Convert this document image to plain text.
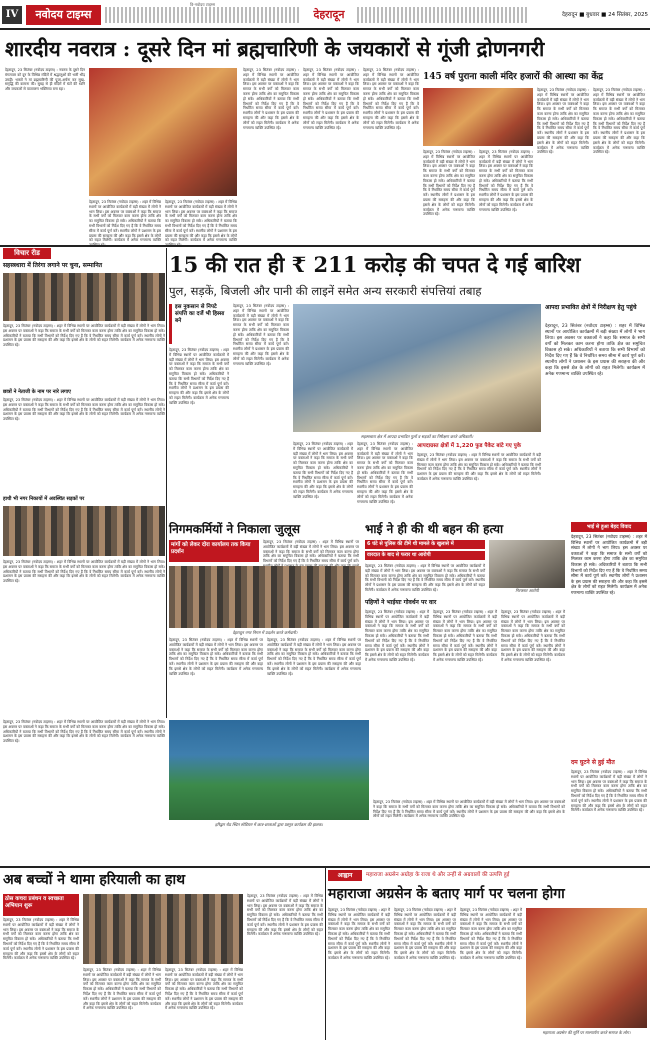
IV	नवोदय टाइम्स
वि-नवोदय टाइम्स
देहरादून	देहरादून ■ बुधवार ■ 24 सितंबर, 2025
शारदीय नवरात्र : दूसरे दिन मां ब्रह्मचारिणी के जयकारों से गूंजी द्रोणनगरी
देहरादून, 23 सितंबर (नवोदय टाइम्स) : नवरात्र के दूसरे दिन मंगलवार को दून के विभिन्न मंदिरों में श्रद्धालुओं की भारी भीड़ उमड़ी। भक्तों ने मां ब्रह्मचारिणी की पूजा-अर्चना कर सुख-समृद्धि की कामना की। सुबह से ही मंदिरों में घंटों की ध्वनि और जयकारों से वातावरण भक्तिमय बना रहा।
देहरादून, 23 सितंबर (नवोदय टाइम्स) : शहर में विभिन्न स्थानों पर आयोजित कार्यक्रमों में बड़ी संख्या में लोगों ने भाग लिया। इस अवसर पर वक्ताओं ने कहा कि समाज के सभी वर्गों को मिलकर काम करना होगा ताकि क्षेत्र का समुचित विकास हो सके। अधिकारियों ने बताया कि सभी विभागों को निर्देश दिए गए हैं कि वे निर्धारित समय सीमा में कार्य पूर्ण करें। स्थानीय लोगों ने प्रशासन के इस प्रयास की सराहना की और कहा कि इससे क्षेत्र के लोगों को राहत मिलेगी। कार्यक्रम में अनेक गणमान्य व्यक्ति
देहरादून, 23 सितंबर (नवोदय टाइम्स) : शहर में विभिन्न स्थानों पर आयोजित कार्यक्रमों में बड़ी संख्या में लोगों ने भाग लिया। इस अवसर पर वक्ताओं ने कहा कि समाज के सभी वर्गों को मिलकर काम करना होगा ताकि क्षेत्र का समुचित विकास हो सके। अधिकारियों ने बताया कि सभी विभागों को निर्देश दिए गए हैं कि वे निर्धारित समय सीमा में कार्य पूर्ण करें। स्थानीय लोगों ने प्रशासन के इस प्रयास की सराहना की और कहा कि इससे क्षेत्र के लोगों को राहत मिलेगी। कार्यक्रम में अनेक गणमान्य व्यक्ति
देहरादून, 23 सितंबर (नवोदय टाइम्स) : शहर में विभिन्न स्थानों पर आयोजित कार्यक्रमों में बड़ी संख्या में लोगों ने भाग लिया। इस अवसर पर वक्ताओं ने कहा कि समाज के सभी वर्गों को मिलकर काम करना होगा ताकि क्षेत्र का समुचित विकास हो सके। अधिकारियों ने बताया कि सभी विभागों को निर्देश दिए गए हैं कि वे निर्धारित समय सीमा में कार्य पूर्ण करें। स्थानीय लोगों ने प्रशासन के इस प्रयास की सराहना की और कहा कि इससे क्षेत्र के लोगों को राहत मिलेगी। कार्यक्रम में अनेक गणमान्य व्यक्ति उपस्थित रहे।
देहरादून, 23 सितंबर (नवोदय टाइम्स) : शहर में विभिन्न स्थानों पर आयोजित कार्यक्रमों में बड़ी संख्या में लोगों ने भाग लिया। इस अवसर पर वक्ताओं ने कहा कि समाज के सभी वर्गों को मिलकर काम करना होगा ताकि क्षेत्र का समुचित विकास हो सके। अधिकारियों ने बताया कि सभी विभागों को निर्देश दिए गए हैं कि वे निर्धारित समय सीमा में कार्य पूर्ण करें। स्थानीय लोगों ने प्रशासन के इस प्रयास की सराहना की और कहा कि इससे क्षेत्र के लोगों को राहत मिलेगी। कार्यक्रम में अनेक गणमान्य व्यक्ति उपस्थित रहे।
देहरादून, 23 सितंबर (नवोदय टाइम्स) : शहर में विभिन्न स्थानों पर आयोजित कार्यक्रमों में बड़ी संख्या में लोगों ने भाग लिया। इस अवसर पर वक्ताओं ने कहा कि समाज के सभी वर्गों को मिलकर काम करना होगा ताकि क्षेत्र का समुचित विकास हो सके। अधिकारियों ने बताया कि सभी विभागों को निर्देश दिए गए हैं कि वे निर्धारित समय सीमा में कार्य पूर्ण करें। स्थानीय लोगों ने प्रशासन के इस प्रयास की सराहना की और कहा कि इससे क्षेत्र के लोगों को राहत मिलेगी। कार्यक्रम में अनेक गणमान्य व्यक्ति उपस्थित रहे।
145 वर्ष पुराना काली मंदिर हजारों की आस्था का केंद्र
देहरादून, 23 सितंबर (नवोदय टाइम्स) : शहर में विभिन्न स्थानों पर आयोजित कार्यक्रमों में बड़ी संख्या में लोगों ने भाग लिया। इस अवसर पर वक्ताओं ने कहा कि समाज के सभी वर्गों को मिलकर काम करना होगा ताकि क्षेत्र का समुचित विकास हो सके। अधिकारियों ने बताया कि सभी विभागों को निर्देश दिए गए हैं कि वे निर्धारित समय सीमा में कार्य पूर्ण करें। स्थानीय लोगों ने प्रशासन के इस प्रयास की सराहना की और कहा कि इससे क्षेत्र के लोगों को राहत मिलेगी। कार्यक्रम में अनेक गणमान्य व्यक्ति उपस्थित रहे।
देहरादून, 23 सितंबर (नवोदय टाइम्स) : शहर में विभिन्न स्थानों पर आयोजित कार्यक्रमों में बड़ी संख्या में लोगों ने भाग लिया। इस अवसर पर वक्ताओं ने कहा कि समाज के सभी वर्गों को मिलकर काम करना होगा ताकि क्षेत्र का समुचित विकास हो सके। अधिकारियों ने बताया कि सभी विभागों को निर्देश दिए गए हैं कि वे निर्धारित समय सीमा में कार्य पूर्ण करें। स्थानीय लोगों ने प्रशासन के इस प्रयास की सराहना की और कहा कि इससे क्षेत्र के लोगों को राहत मिलेगी। कार्यक्रम में अनेक गणमान्य व्यक्ति उपस्थित रहे।
देहरादून, 23 सितंबर (नवोदय टाइम्स) : शहर में विभिन्न स्थानों पर आयोजित कार्यक्रमों में बड़ी संख्या में लोगों ने भाग लिया। इस अवसर पर वक्ताओं ने कहा कि समाज के सभी वर्गों को मिलकर काम करना होगा ताकि क्षेत्र का समुचित विकास हो सके। अधिकारियों ने बताया कि सभी विभागों को निर्देश दिए गए हैं कि वे निर्धारित समय सीमा में कार्य पूर्ण करें। स्थानीय लोगों ने प्रशासन के इस प्रयास की सराहना की और कहा कि इससे क्षेत्र के लोगों को राहत मिलेगी। कार्यक्रम में अनेक गणमान्य व्यक्ति उपस्थित रहे।
देहरादून, 23 सितंबर (नवोदय टाइम्स) : शहर में विभिन्न स्थानों पर आयोजित कार्यक्रमों में बड़ी संख्या में लोगों ने भाग लिया। इस अवसर पर वक्ताओं ने कहा कि समाज के सभी वर्गों को मिलकर काम करना होगा ताकि क्षेत्र का समुचित विकास हो सके। अधिकारियों ने बताया कि सभी विभागों को निर्देश दिए गए हैं कि वे निर्धारित समय सीमा में कार्य पूर्ण करें। स्थानीय लोगों ने प्रशासन के इस प्रयास की सराहना की और कहा कि इससे क्षेत्र के लोगों को राहत मिलेगी। कार्यक्रम में अनेक गणमान्य व्यक्ति उपस्थित रहे।
विचार रीड
सहस्त्रधारा में तिरंगा लगाने पर चुना, सम्मानित
देहरादून, 23 सितंबर (नवोदय टाइम्स) : शहर में विभिन्न स्थानों पर आयोजित कार्यक्रमों में बड़ी संख्या में लोगों ने भाग लिया। इस अवसर पर वक्ताओं ने कहा कि समाज के सभी वर्गों को मिलकर काम करना होगा ताकि क्षेत्र का समुचित विकास हो सके। अधिकारियों ने बताया कि सभी विभागों को निर्देश दिए गए हैं कि वे निर्धारित समय सीमा में कार्य पूर्ण करें। स्थानीय लोगों ने प्रशासन के इस प्रयास की सराहना की और कहा कि इससे क्षेत्र के लोगों को राहत मिलेगी। कार्यक्रम में अनेक गणमान्य व्यक्ति उपस्थित रहे।
छात्रों ने नेताजी के नाम पर नारे लगाए
देहरादून, 23 सितंबर (नवोदय टाइम्स) : शहर में विभिन्न स्थानों पर आयोजित कार्यक्रमों में बड़ी संख्या में लोगों ने भाग लिया। इस अवसर पर वक्ताओं ने कहा कि समाज के सभी वर्गों को मिलकर काम करना होगा ताकि क्षेत्र का समुचित विकास हो सके। अधिकारियों ने बताया कि सभी विभागों को निर्देश दिए गए हैं कि वे निर्धारित समय सीमा में कार्य पूर्ण करें। स्थानीय लोगों ने प्रशासन के इस प्रयास की सराहना की और कहा कि इससे क्षेत्र के लोगों को राहत मिलेगी। कार्यक्रम में अनेक गणमान्य व्यक्ति उपस्थित रहे।
हाथी भी नगर निकायों में अवस्थित सड़कों पर
देहरादून, 23 सितंबर (नवोदय टाइम्स) : शहर में विभिन्न स्थानों पर आयोजित कार्यक्रमों में बड़ी संख्या में लोगों ने भाग लिया। इस अवसर पर वक्ताओं ने कहा कि समाज के सभी वर्गों को मिलकर काम करना होगा ताकि क्षेत्र का समुचित विकास हो सके। अधिकारियों ने बताया कि सभी विभागों को निर्देश दिए गए हैं कि वे निर्धारित समय सीमा में कार्य पूर्ण करें। स्थानीय लोगों ने प्रशासन के इस प्रयास की सराहना की और कहा कि इससे क्षेत्र के लोगों को राहत मिलेगी। कार्यक्रम में अनेक गणमान्य व्यक्ति उपस्थित रहे।
15 की रात ही ₹ 211 करोड़ की चपत दे गई बारिश
पुल, सड़कें, बिजली और पानी की लाइनें समेत अन्य सरकारी संपत्तियां तबाह
इस नुकसान से निपटे संपत्ति का दर्जे भी हिस्सा बने
देहरादून, 23 सितंबर (नवोदय टाइम्स) : शहर में विभिन्न स्थानों पर आयोजित कार्यक्रमों में बड़ी संख्या में लोगों ने भाग लिया। इस अवसर पर वक्ताओं ने कहा कि समाज के सभी वर्गों को मिलकर काम करना होगा ताकि क्षेत्र का समुचित विकास हो सके। अधिकारियों ने बताया कि सभी विभागों को निर्देश दिए गए हैं कि वे निर्धारित समय सीमा में कार्य पूर्ण करें। स्थानीय लोगों ने प्रशासन के इस प्रयास की सराहना की और कहा कि इससे क्षेत्र के लोगों को राहत मिलेगी। कार्यक्रम में अनेक गणमान्य व्यक्ति उपस्थित रहे।
देहरादून, 23 सितंबर (नवोदय टाइम्स) : शहर में विभिन्न स्थानों पर आयोजित कार्यक्रमों में बड़ी संख्या में लोगों ने भाग लिया। इस अवसर पर वक्ताओं ने कहा कि समाज के सभी वर्गों को मिलकर काम करना होगा ताकि क्षेत्र का समुचित विकास हो सके। अधिकारियों ने बताया कि सभी विभागों को निर्देश दिए गए हैं कि वे निर्धारित समय सीमा में कार्य पूर्ण करें। स्थानीय लोगों ने प्रशासन के इस प्रयास की सराहना की और कहा कि इससे क्षेत्र के लोगों को राहत मिलेगी। कार्यक्रम में अनेक गणमान्य व्यक्ति उपस्थित रहे।
सहस्त्रधारा क्षेत्र में आपदा प्रभावित पुलों व सड़कों का निरीक्षण करते अधिकारी।
देहरादून, 23 सितंबर (नवोदय टाइम्स) : शहर में विभिन्न स्थानों पर आयोजित कार्यक्रमों में बड़ी संख्या में लोगों ने भाग लिया। इस अवसर पर वक्ताओं ने कहा कि समाज के सभी वर्गों को मिलकर काम करना होगा ताकि क्षेत्र का समुचित विकास हो सके। अधिकारियों ने बताया कि सभी विभागों को निर्देश दिए गए हैं कि वे निर्धारित समय सीमा में कार्य पूर्ण करें। स्थानीय लोगों ने प्रशासन के इस प्रयास की सराहना की और कहा कि इससे क्षेत्र के लोगों को राहत मिलेगी। कार्यक्रम में अनेक गणमान्य व्यक्ति उपस्थित रहे।
देहरादून, 23 सितंबर (नवोदय टाइम्स) : शहर में विभिन्न स्थानों पर आयोजित कार्यक्रमों में बड़ी संख्या में लोगों ने भाग लिया। इस अवसर पर वक्ताओं ने कहा कि समाज के सभी वर्गों को मिलकर काम करना होगा ताकि क्षेत्र का समुचित विकास हो सके। अधिकारियों ने बताया कि सभी विभागों को निर्देश दिए गए हैं कि वे निर्धारित समय सीमा में कार्य पूर्ण करें। स्थानीय लोगों ने प्रशासन के इस प्रयास की सराहना की और कहा कि इससे क्षेत्र के लोगों को राहत मिलेगी। कार्यक्रम में अनेक गणमान्य व्यक्ति उपस्थित रहे।
आपदाग्रस्त क्षेत्रों में 1,220 फुड पैकेट बांटे गए पुके
देहरादून, 23 सितंबर (नवोदय टाइम्स) : शहर में विभिन्न स्थानों पर आयोजित कार्यक्रमों में बड़ी संख्या में लोगों ने भाग लिया। इस अवसर पर वक्ताओं ने कहा कि समाज के सभी वर्गों को मिलकर काम करना होगा ताकि क्षेत्र का समुचित विकास हो सके। अधिकारियों ने बताया कि सभी विभागों को निर्देश दिए गए हैं कि वे निर्धारित समय सीमा में कार्य पूर्ण करें। स्थानीय लोगों ने प्रशासन के इस प्रयास की सराहना की और कहा कि इससे क्षेत्र के लोगों को राहत मिलेगी। कार्यक्रम में अनेक गणमान्य व्यक्ति उपस्थित रहे।
आपदा प्रभावित क्षेत्रों में निरीक्षण हेतु पहुंचे
देहरादून, 23 सितंबर (नवोदय टाइम्स) : शहर में विभिन्न स्थानों पर आयोजित कार्यक्रमों में बड़ी संख्या में लोगों ने भाग लिया। इस अवसर पर वक्ताओं ने कहा कि समाज के सभी वर्गों को मिलकर काम करना होगा ताकि क्षेत्र का समुचित विकास हो सके। अधिकारियों ने बताया कि सभी विभागों को निर्देश दिए गए हैं कि वे निर्धारित समय सीमा में कार्य पूर्ण करें। स्थानीय लोगों ने प्रशासन के इस प्रयास की सराहना की और कहा कि इससे क्षेत्र के लोगों को राहत मिलेगी। कार्यक्रम में अनेक गणमान्य व्यक्ति उपस्थित रहे।
निगमकर्मियों ने निकाला जुलूस
मांगों को लेकर दोरा कार्यालय तक किया प्रदर्शन
देहरादून, 23 सितंबर (नवोदय टाइम्स) : शहर में विभिन्न स्थानों पर आयोजित कार्यक्रमों में बड़ी संख्या में लोगों ने भाग लिया। इस अवसर पर वक्ताओं ने कहा कि समाज के सभी वर्गों को मिलकर काम करना होगा ताकि क्षेत्र का समुचित विकास हो सके। अधिकारियों ने बताया कि सभी विभागों को निर्देश दिए गए हैं कि वे निर्धारित समय सीमा में कार्य पूर्ण करें।
देहरादून नगर निगम में प्रदर्शन करते कर्मचारी।
देहरादून, 23 सितंबर (नवोदय टाइम्स) : शहर में विभिन्न स्थानों पर आयोजित कार्यक्रमों में बड़ी संख्या में लोगों ने भाग लिया। इस अवसर पर वक्ताओं ने कहा कि समाज के सभी वर्गों को मिलकर काम करना होगा ताकि क्षेत्र का समुचित विकास हो सके। अधिकारियों ने बताया कि सभी विभागों को निर्देश दिए गए हैं कि वे निर्धारित समय सीमा में कार्य पूर्ण करें। स्थानीय लोगों ने प्रशासन के इस प्रयास की सराहना की और कहा कि इससे क्षेत्र के लोगों को राहत मिलेगी। कार्यक्रम में अनेक गणमान्य व्यक्ति उपस्थित रहे।
देहरादून, 23 सितंबर (नवोदय टाइम्स) : शहर में विभिन्न स्थानों पर आयोजित कार्यक्रमों में बड़ी संख्या में लोगों ने भाग लिया। इस अवसर पर वक्ताओं ने कहा कि समाज के सभी वर्गों को मिलकर काम करना होगा ताकि क्षेत्र का समुचित विकास हो सके। अधिकारियों ने बताया कि सभी विभागों को निर्देश दिए गए हैं कि वे निर्धारित समय सीमा में कार्य पूर्ण करें। स्थानीय लोगों ने प्रशासन के इस प्रयास की सराहना की और कहा कि इससे क्षेत्र के लोगों को राहत मिलेगी। कार्यक्रम में अनेक गणमान्य व्यक्ति उपस्थित रहे।
भाई ने ही की थी बहन की हत्या
6 घंटे से पुलिस की टीमें थी मामले के खुलासे में
वारदात के बाद से फरार था आरोपी
गिरफ्तार आरोपी
देहरादून, 23 सितंबर (नवोदय टाइम्स) : शहर में विभिन्न स्थानों पर आयोजित कार्यक्रमों में बड़ी संख्या में लोगों ने भाग लिया। इस अवसर पर वक्ताओं ने कहा कि समाज के सभी वर्गों को मिलकर काम करना होगा ताकि क्षेत्र का समुचित विकास हो सके। अधिकारियों ने बताया कि सभी विभागों को निर्देश दिए गए हैं कि वे निर्धारित समय सीमा में कार्य पूर्ण करें। स्थानीय लोगों ने प्रशासन के इस प्रयास की सराहना की और कहा कि इससे क्षेत्र के लोगों को राहत मिलेगी। कार्यक्रम में अनेक गणमान्य व्यक्ति उपस्थित रहे।
पहिणों ने भाईयाः गोवर्धन पर वार
देहरादून, 23 सितंबर (नवोदय टाइम्स) : शहर में विभिन्न स्थानों पर आयोजित कार्यक्रमों में बड़ी संख्या में लोगों ने भाग लिया। इस अवसर पर वक्ताओं ने कहा कि समाज के सभी वर्गों को मिलकर काम करना होगा ताकि क्षेत्र का समुचित विकास हो सके। अधिकारियों ने बताया कि सभी विभागों को निर्देश दिए गए हैं कि वे निर्धारित समय सीमा में कार्य पूर्ण करें। स्थानीय लोगों ने प्रशासन के इस प्रयास की सराहना की और कहा कि इससे क्षेत्र के लोगों को राहत मिलेगी। कार्यक्रम में अनेक गणमान्य व्यक्ति उपस्थित रहे।
देहरादून, 23 सितंबर (नवोदय टाइम्स) : शहर में विभिन्न स्थानों पर आयोजित कार्यक्रमों में बड़ी संख्या में लोगों ने भाग लिया। इस अवसर पर वक्ताओं ने कहा कि समाज के सभी वर्गों को मिलकर काम करना होगा ताकि क्षेत्र का समुचित विकास हो सके। अधिकारियों ने बताया कि सभी विभागों को निर्देश दिए गए हैं कि वे निर्धारित समय सीमा में कार्य पूर्ण करें। स्थानीय लोगों ने प्रशासन के इस प्रयास की सराहना की और कहा कि इससे क्षेत्र के लोगों को राहत मिलेगी। कार्यक्रम में अनेक गणमान्य व्यक्ति उपस्थित रहे।
देहरादून, 23 सितंबर (नवोदय टाइम्स) : शहर में विभिन्न स्थानों पर आयोजित कार्यक्रमों में बड़ी संख्या में लोगों ने भाग लिया। इस अवसर पर वक्ताओं ने कहा कि समाज के सभी वर्गों को मिलकर काम करना होगा ताकि क्षेत्र का समुचित विकास हो सके। अधिकारियों ने बताया कि सभी विभागों को निर्देश दिए गए हैं कि वे निर्धारित समय सीमा में कार्य पूर्ण करें। स्थानीय लोगों ने प्रशासन के इस प्रयास की सराहना की और कहा कि इससे क्षेत्र के लोगों को राहत मिलेगी। कार्यक्रम में अनेक गणमान्य व्यक्ति उपस्थित रहे।
भाई से हुआ बेहद विवाद
देहरादून, 23 सितंबर (नवोदय टाइम्स) : शहर में विभिन्न स्थानों पर आयोजित कार्यक्रमों में बड़ी संख्या में लोगों ने भाग लिया। इस अवसर पर वक्ताओं ने कहा कि समाज के सभी वर्गों को मिलकर काम करना होगा ताकि क्षेत्र का समुचित विकास हो सके। अधिकारियों ने बताया कि सभी विभागों को निर्देश दिए गए हैं कि वे निर्धारित समय सीमा में कार्य पूर्ण करें। स्थानीय लोगों ने प्रशासन के इस प्रयास की सराहना की और कहा कि इससे क्षेत्र के लोगों को राहत मिलेगी। कार्यक्रम में अनेक गणमान्य व्यक्ति उपस्थित रहे।
दम घुटने से हुई मौत
देहरादून, 23 सितंबर (नवोदय टाइम्स) : शहर में विभिन्न स्थानों पर आयोजित कार्यक्रमों में बड़ी संख्या में लोगों ने भाग लिया। इस अवसर पर वक्ताओं ने कहा कि समाज के सभी वर्गों को मिलकर काम करना होगा ताकि क्षेत्र का समुचित विकास हो सके। अधिकारियों ने बताया कि सभी विभागों को निर्देश दिए गए हैं कि वे निर्धारित समय सीमा में कार्य पूर्ण करें। स्थानीय लोगों ने प्रशासन के इस प्रयास की सराहना की और कहा कि इससे क्षेत्र के लोगों को राहत मिलेगी। कार्यक्रम में अनेक गणमान्य व्यक्ति उपस्थित रहे।
हरिद्वार रोड स्थित स्टेडियम में छात्र-छात्राओं द्वारा प्रस्तुत कार्यक्रम की झलक।
देहरादून, 23 सितंबर (नवोदय टाइम्स) : शहर में विभिन्न स्थानों पर आयोजित कार्यक्रमों में बड़ी संख्या में लोगों ने भाग लिया। इस अवसर पर वक्ताओं ने कहा कि समाज के सभी वर्गों को मिलकर काम करना होगा ताकि क्षेत्र का समुचित विकास हो सके। अधिकारियों ने बताया कि सभी विभागों को निर्देश दिए गए हैं कि वे निर्धारित समय सीमा में कार्य पूर्ण करें। स्थानीय लोगों ने प्रशासन के इस प्रयास की सराहना की और कहा कि इससे क्षेत्र के लोगों को राहत मिलेगी। कार्यक्रम में अनेक गणमान्य व्यक्ति उपस्थित रहे।
देहरादून, 23 सितंबर (नवोदय टाइम्स) : शहर में विभिन्न स्थानों पर आयोजित कार्यक्रमों में बड़ी संख्या में लोगों ने भाग लिया। इस अवसर पर वक्ताओं ने कहा कि समाज के सभी वर्गों को मिलकर काम करना होगा ताकि क्षेत्र का समुचित विकास हो सके। अधिकारियों ने बताया कि सभी विभागों को निर्देश दिए गए हैं कि वे निर्धारित समय सीमा में कार्य पूर्ण करें। स्थानीय लोगों ने प्रशासन के इस प्रयास की सराहना की और कहा कि इससे क्षेत्र के लोगों को राहत मिलेगी। कार्यक्रम में अनेक गणमान्य व्यक्ति उपस्थित रहे।
अब बच्चों ने थामा हरियाली का हाथ
ठोस कचरा प्रबंधन व स्वच्छता अभियान शुरू
देहरादून, 23 सितंबर (नवोदय टाइम्स) : शहर में विभिन्न स्थानों पर आयोजित कार्यक्रमों में बड़ी संख्या में लोगों ने भाग लिया। इस अवसर पर वक्ताओं ने कहा कि समाज के सभी वर्गों को मिलकर काम करना होगा ताकि क्षेत्र का समुचित विकास हो सके। अधिकारियों ने बताया कि सभी विभागों को निर्देश दिए गए हैं कि वे निर्धारित समय सीमा में कार्य पूर्ण करें। स्थानीय लोगों ने प्रशासन के इस प्रयास की सराहना की और कहा कि इससे क्षेत्र के लोगों को राहत मिलेगी। कार्यक्रम में अनेक गणमान्य व्यक्ति उपस्थित रहे।
देहरादून, 23 सितंबर (नवोदय टाइम्स) : शहर में विभिन्न स्थानों पर आयोजित कार्यक्रमों में बड़ी संख्या में लोगों ने भाग लिया। इस अवसर पर वक्ताओं ने कहा कि समाज के सभी वर्गों को मिलकर काम करना होगा ताकि क्षेत्र का समुचित विकास हो सके। अधिकारियों ने बताया कि सभी विभागों को निर्देश दिए गए हैं कि वे निर्धारित समय सीमा में कार्य पूर्ण करें। स्थानीय लोगों ने प्रशासन के इस प्रयास की सराहना की और कहा कि इससे क्षेत्र के लोगों को राहत मिलेगी। कार्यक्रम में अनेक गणमान्य व्यक्ति उपस्थित रहे।
देहरादून, 23 सितंबर (नवोदय टाइम्स) : शहर में विभिन्न स्थानों पर आयोजित कार्यक्रमों में बड़ी संख्या में लोगों ने भाग लिया। इस अवसर पर वक्ताओं ने कहा कि समाज के सभी वर्गों को मिलकर काम करना होगा ताकि क्षेत्र का समुचित विकास हो सके। अधिकारियों ने बताया कि सभी विभागों को निर्देश दिए गए हैं कि वे निर्धारित समय सीमा में कार्य पूर्ण करें। स्थानीय लोगों ने प्रशासन के इस प्रयास की सराहना की और कहा कि इससे क्षेत्र के लोगों को राहत मिलेगी। कार्यक्रम में अनेक गणमान्य व्यक्ति उपस्थित रहे।
देहरादून, 23 सितंबर (नवोदय टाइम्स) : शहर में विभिन्न स्थानों पर आयोजित कार्यक्रमों में बड़ी संख्या में लोगों ने भाग लिया। इस अवसर पर वक्ताओं ने कहा कि समाज के सभी वर्गों को मिलकर काम करना होगा ताकि क्षेत्र का समुचित विकास हो सके। अधिकारियों ने बताया कि सभी विभागों को निर्देश दिए गए हैं कि वे निर्धारित समय सीमा में कार्य पूर्ण करें। स्थानीय लोगों ने प्रशासन के इस प्रयास की सराहना की और कहा कि इससे क्षेत्र के लोगों को राहत मिलेगी। कार्यक्रम में अनेक गणमान्य व्यक्ति उपस्थित रहे।
आह्वान	महाराजा अग्रसेन अग्रोहा के राजा थे और उन्हीं से अग्रवालों की उत्पत्ति हुई
महाराजा अग्रसेन के बताए मार्ग पर चलना होगा
देहरादून, 23 सितंबर (नवोदय टाइम्स) : शहर में विभिन्न स्थानों पर आयोजित कार्यक्रमों में बड़ी संख्या में लोगों ने भाग लिया। इस अवसर पर वक्ताओं ने कहा कि समाज के सभी वर्गों को मिलकर काम करना होगा ताकि क्षेत्र का समुचित विकास हो सके। अधिकारियों ने बताया कि सभी विभागों को निर्देश दिए गए हैं कि वे निर्धारित समय सीमा में कार्य पूर्ण करें। स्थानीय लोगों ने प्रशासन के इस प्रयास की सराहना की और कहा कि इससे क्षेत्र के लोगों को राहत मिलेगी। कार्यक्रम में अनेक गणमान्य व्यक्ति उपस्थित रहे।
देहरादून, 23 सितंबर (नवोदय टाइम्स) : शहर में विभिन्न स्थानों पर आयोजित कार्यक्रमों में बड़ी संख्या में लोगों ने भाग लिया। इस अवसर पर वक्ताओं ने कहा कि समाज के सभी वर्गों को मिलकर काम करना होगा ताकि क्षेत्र का समुचित विकास हो सके। अधिकारियों ने बताया कि सभी विभागों को निर्देश दिए गए हैं कि वे निर्धारित समय सीमा में कार्य पूर्ण करें। स्थानीय लोगों ने प्रशासन के इस प्रयास की सराहना की और कहा कि इससे क्षेत्र के लोगों को राहत मिलेगी। कार्यक्रम में अनेक गणमान्य व्यक्ति उपस्थित रहे।
देहरादून, 23 सितंबर (नवोदय टाइम्स) : शहर में विभिन्न स्थानों पर आयोजित कार्यक्रमों में बड़ी संख्या में लोगों ने भाग लिया। इस अवसर पर वक्ताओं ने कहा कि समाज के सभी वर्गों को मिलकर काम करना होगा ताकि क्षेत्र का समुचित विकास हो सके। अधिकारियों ने बताया कि सभी विभागों को निर्देश दिए गए हैं कि वे निर्धारित समय सीमा में कार्य पूर्ण करें। स्थानीय लोगों ने प्रशासन के इस प्रयास की सराहना की और कहा कि इससे क्षेत्र के लोगों को राहत मिलेगी। कार्यक्रम में अनेक गणमान्य व्यक्ति उपस्थित रहे।
महाराजा अग्रसेन की मूर्ति पर माल्यार्पण करते समाज के लोग।
